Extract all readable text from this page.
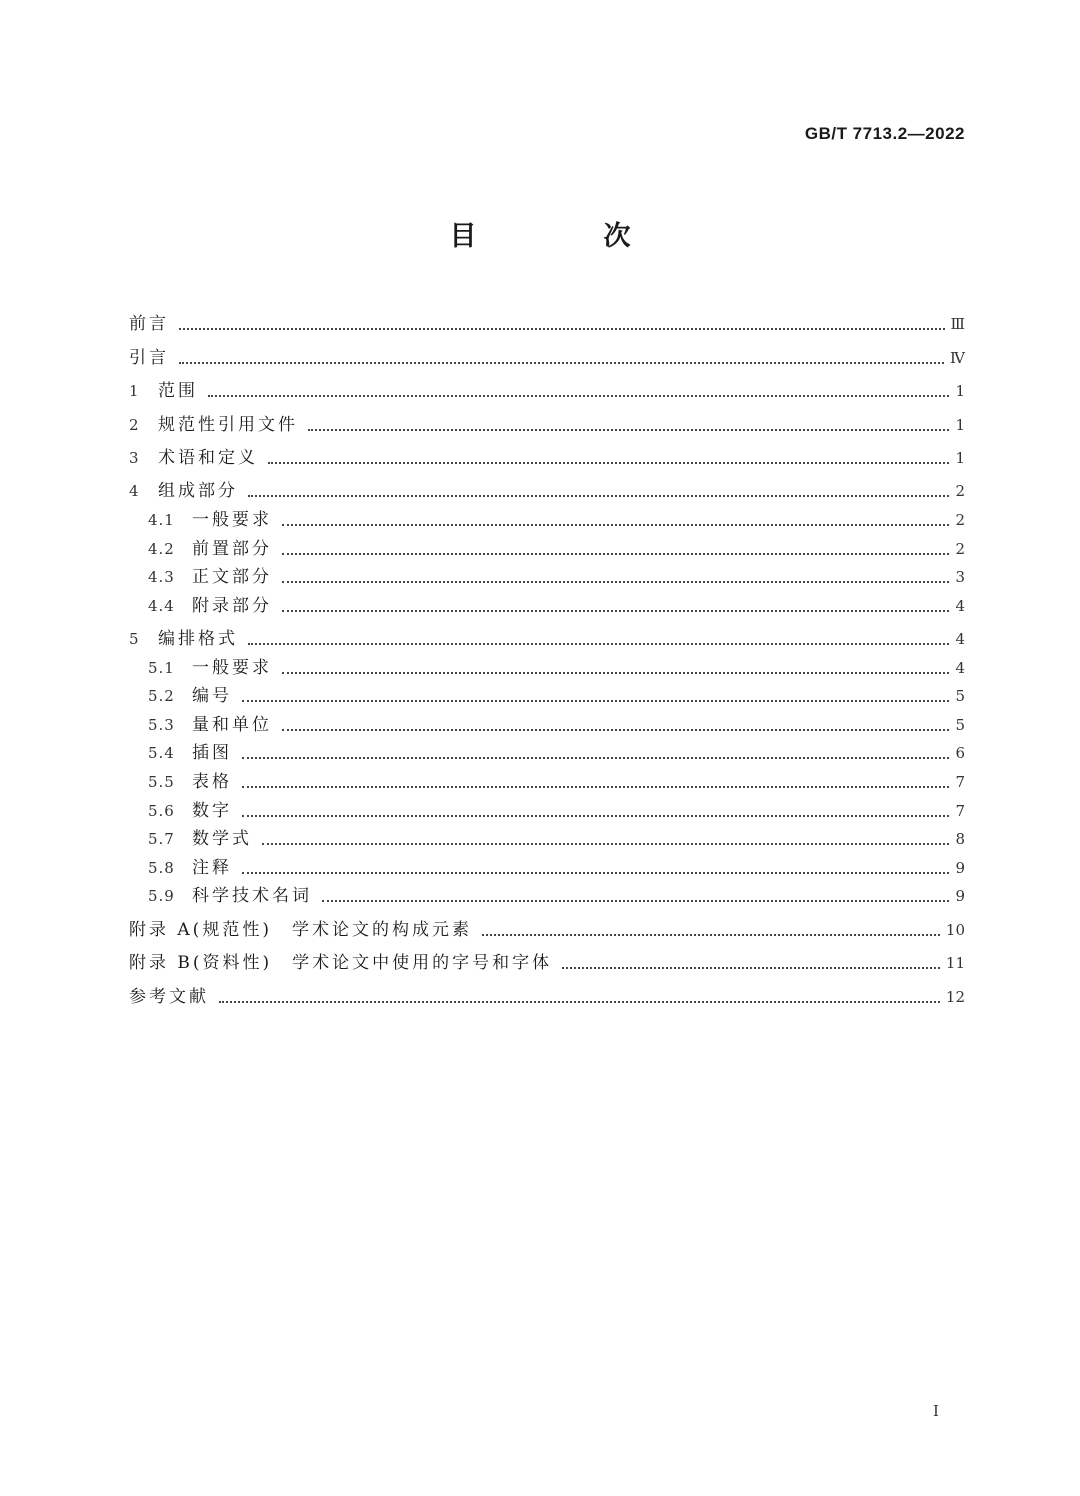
GB/T 7713.2—2022
目　次
前言	Ⅲ
引言	Ⅳ
1	范围	1
2	规范性引用文件	1
3	术语和定义	1
4	组成部分	2
4.1	一般要求	2
4.2	前置部分	2
4.3	正文部分	3
4.4	附录部分	4
5	编排格式	4
5.1	一般要求	4
5.2	编号	5
5.3	量和单位	5
5.4	插图	6
5.5	表格	7
5.6	数字	7
5.7	数学式	8
5.8	注释	9
5.9	科学技术名词	9
附录 A(规范性)　学术论文的构成元素	10
附录 B(资料性)　学术论文中使用的字号和字体	11
参考文献	12
I
